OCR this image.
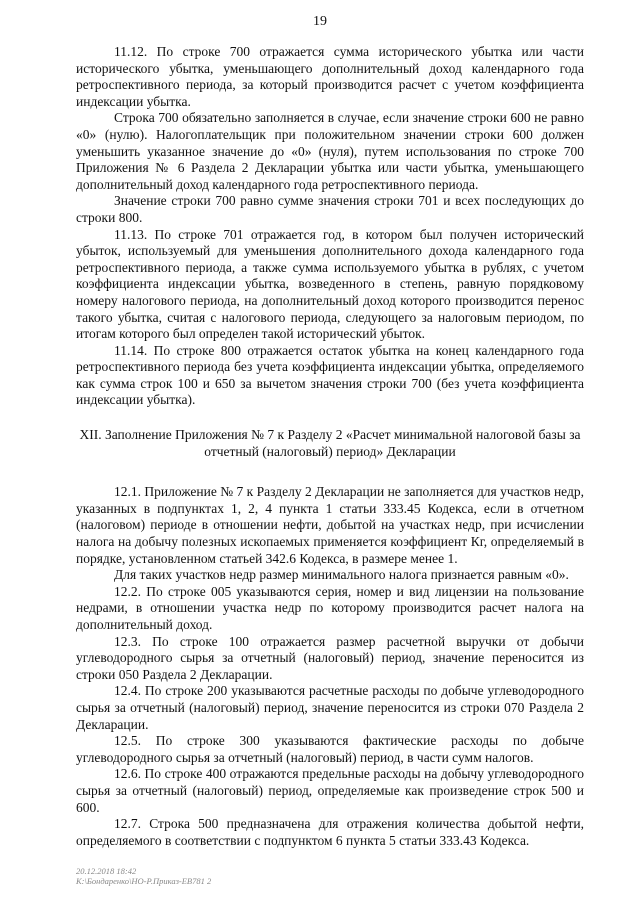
19

11.12. По строке 700 отражается сумма исторического убытка или части исторического убытка, уменьшающего дополнительный доход календарного года ретроспективного периода, за который производится расчет с учетом коэффициента индексации убытка.

Строка 700 обязательно заполняется в случае, если значение строки 600 не равно «0» (нулю). Налогоплательщик при положительном значении строки 600 должен уменьшить указанное значение до «0» (нуля), путем использования по строке 700 Приложения № 6 Раздела 2 Декларации убытка или части убытка, уменьшающего дополнительный доход календарного года ретроспективного периода.

Значение строки 700 равно сумме значения строки 701 и всех последующих до строки 800.

11.13. По строке 701 отражается год, в котором был получен исторический убыток, используемый для уменьшения дополнительного дохода календарного года ретроспективного периода, а также сумма используемого убытка в рублях, с учетом коэффициента индексации убытка, возведенного в степень, равную порядковому номеру налогового периода, на дополнительный доход которого производится перенос такого убытка, считая с налогового периода, следующего за налоговым периодом, по итогам которого был определен такой исторический убыток.

11.14. По строке 800 отражается остаток убытка на конец календарного года ретроспективного периода без учета коэффициента индексации убытка, определяемого как сумма строк 100 и 650 за вычетом значения строки 700 (без учета коэффициента индексации убытка).

XII. Заполнение Приложения № 7 к Разделу 2 «Расчет минимальной налоговой базы за отчетный (налоговый) период» Декларации

12.1. Приложение № 7 к Разделу 2 Декларации не заполняется для участков недр, указанных в подпунктах 1, 2, 4 пункта 1 статьи 333.45 Кодекса, если в отчетном (налоговом) периоде в отношении нефти, добытой на участках недр, при исчислении налога на добычу полезных ископаемых применяется коэффициент Кг, определяемый в порядке, установленном статьей 342.6 Кодекса, в размере менее 1.

Для таких участков недр размер минимального налога признается равным «0».

12.2. По строке 005 указываются серия, номер и вид лицензии на пользование недрами, в отношении участка недр по которому производится расчет налога на дополнительный доход.

12.3. По строке 100 отражается размер расчетной выручки от добычи углеводородного сырья за отчетный (налоговый) период, значение переносится из строки 050 Раздела 2 Декларации.

12.4. По строке 200 указываются расчетные расходы по добыче углеводородного сырья за отчетный (налоговый) период, значение переносится из строки 070 Раздела 2 Декларации.

12.5. По строке 300 указываются фактические расходы по добыче углеводородного сырья за отчетный (налоговый) период, в части сумм налогов.

12.6. По строке 400 отражаются предельные расходы на добычу углеводородного сырья за отчетный (налоговый) период, определяемые как произведение строк 500 и 600.

12.7. Строка 500 предназначена для отражения количества добытой нефти, определяемого в соответствии с подпунктом 6 пункта 5 статьи 333.43 Кодекса.

20.12.2018 18:42
К:\Бондаренко\НО-Р.Приказ-ЕВ781 2
